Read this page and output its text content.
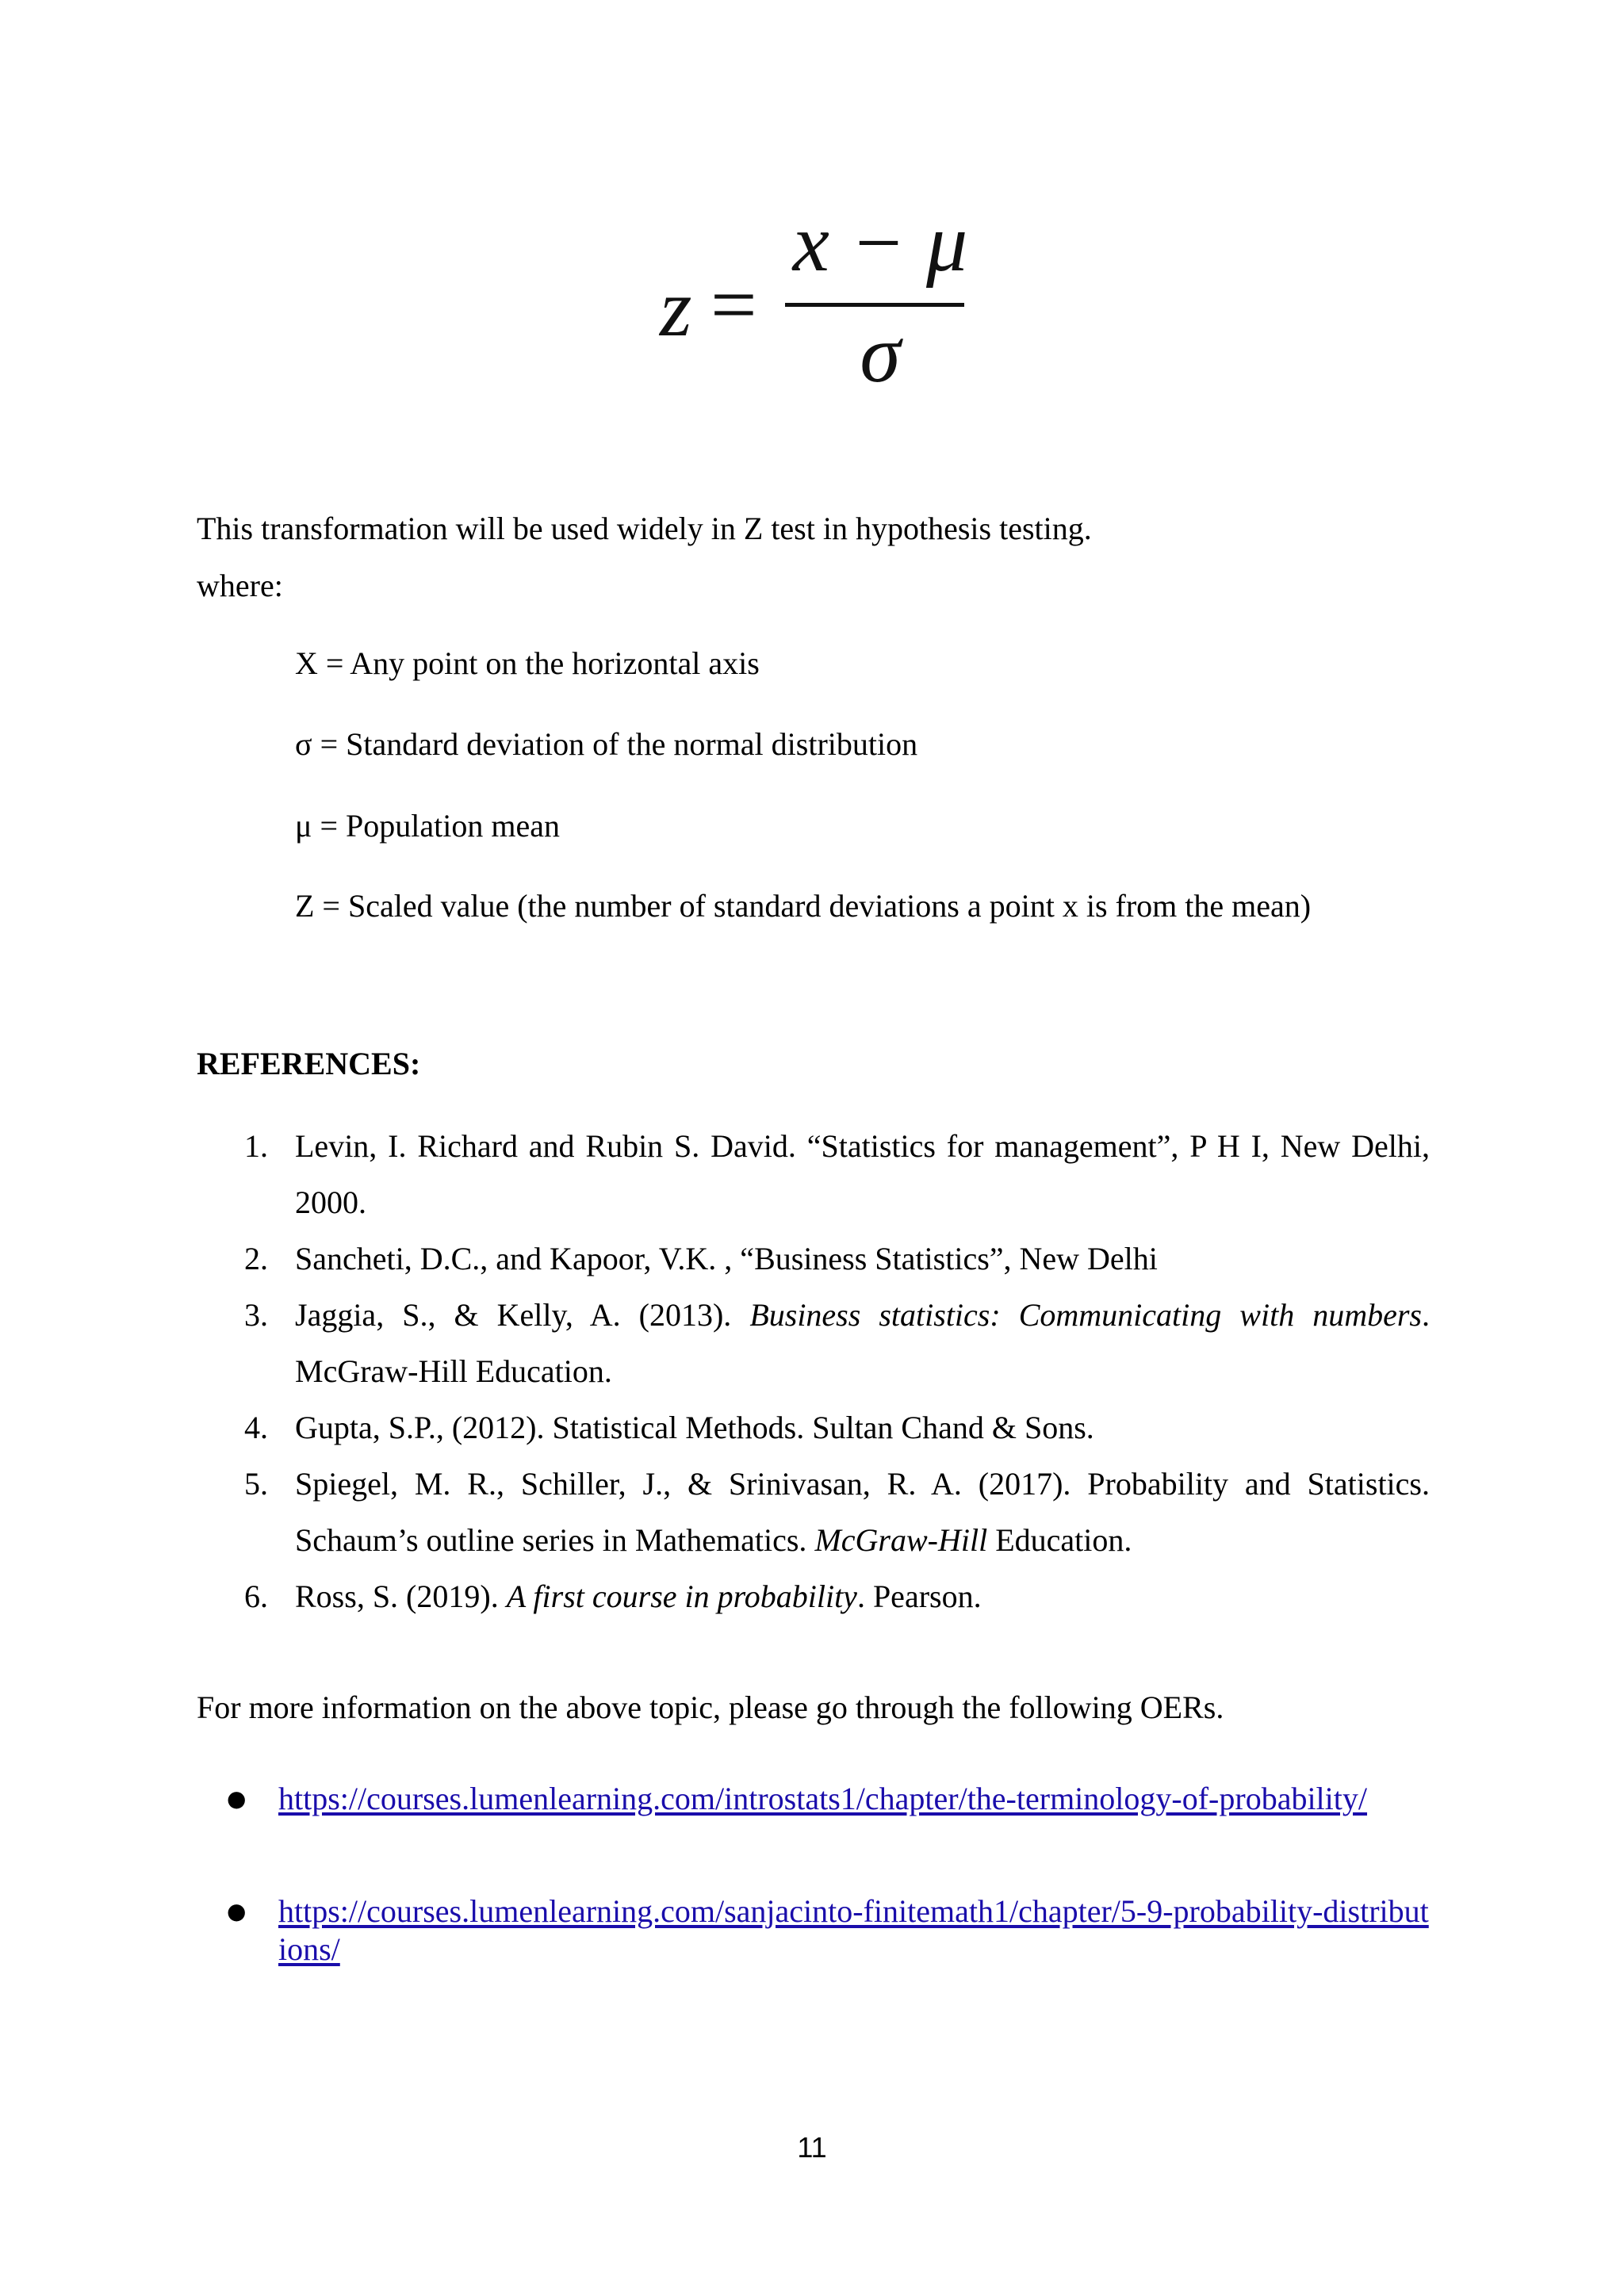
z =
x − μ
σ
This transformation will be used widely in Z test in hypothesis testing.
where:
X = Any point on the horizontal axis
σ = Standard deviation of the normal distribution
μ = Population mean
Z = Scaled value (the number of standard deviations a point x is from the mean)
REFERENCES:
1. Levin, I. Richard and Rubin S. David. “Statistics for management”, P H I, New Delhi, 2000.
2. Sancheti, D.C., and Kapoor, V.K. , “Business Statistics”, New Delhi
3. Jaggia, S., & Kelly, A. (2013). Business statistics: Communicating with numbers. McGraw-Hill Education.
4. Gupta, S.P., (2012). Statistical Methods. Sultan Chand & Sons.
5. Spiegel, M. R., Schiller, J., & Srinivasan, R. A. (2017). Probability and Statistics. Schaum’s outline series in Mathematics. McGraw-Hill Education.
6. Ross, S. (2019). A first course in probability. Pearson.
For more information on the above topic, please go through the following OERs.
● https://courses.lumenlearning.com/introstats1/chapter/the-terminology-of-probability/
● https://courses.lumenlearning.com/sanjacinto-finitemath1/chapter/5-9-probability-distributions/
11
